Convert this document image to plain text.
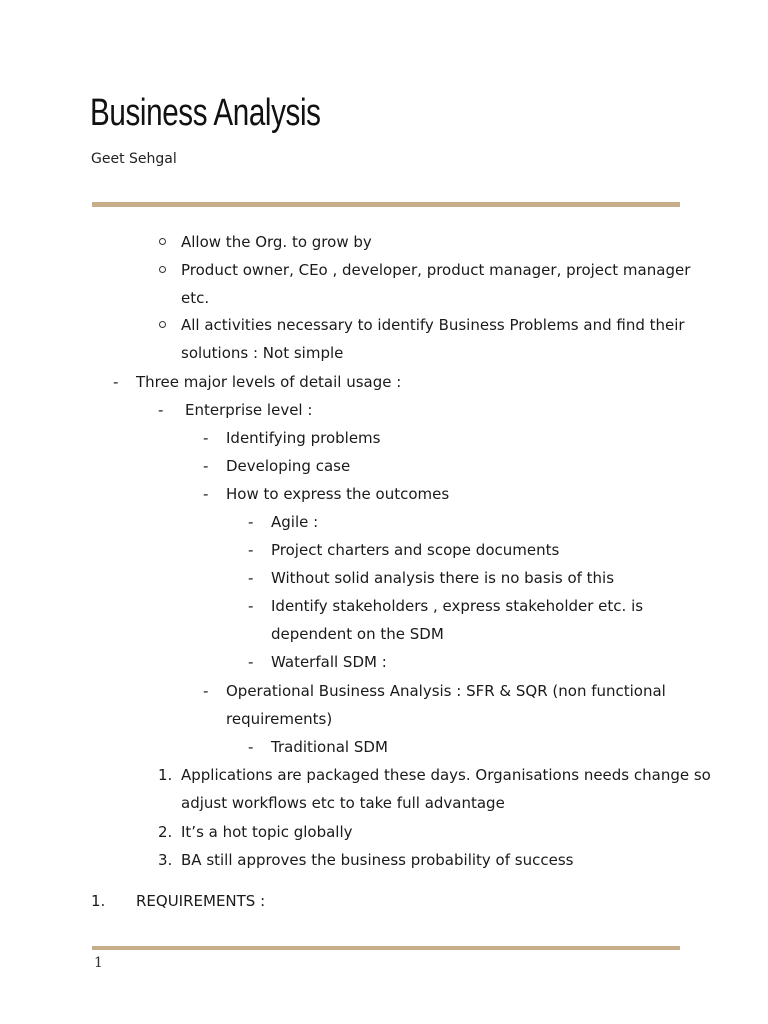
Business Analysis
Geet Sehgal
Allow the Org. to grow by
Product owner, CEo , developer, product manager, project manager
etc.
All activities necessary to identify Business Problems and find their
solutions : Not simple
- Three major levels of detail usage :
- Enterprise level :
- Identifying problems
- Developing case
- How to express the outcomes
- Agile :
- Project charters and scope documents
- Without solid analysis there is no basis of this
- Identify stakeholders , express stakeholder etc. is
dependent on the SDM
- Waterfall SDM :
- Operational Business Analysis : SFR & SQR (non functional
requirements)
- Traditional SDM
1. Applications are packaged these days. Organisations needs change so
adjust workflows etc to take full advantage
2. It’s a hot topic globally
3. BA still approves the business probability of success
1. REQUIREMENTS :
1
